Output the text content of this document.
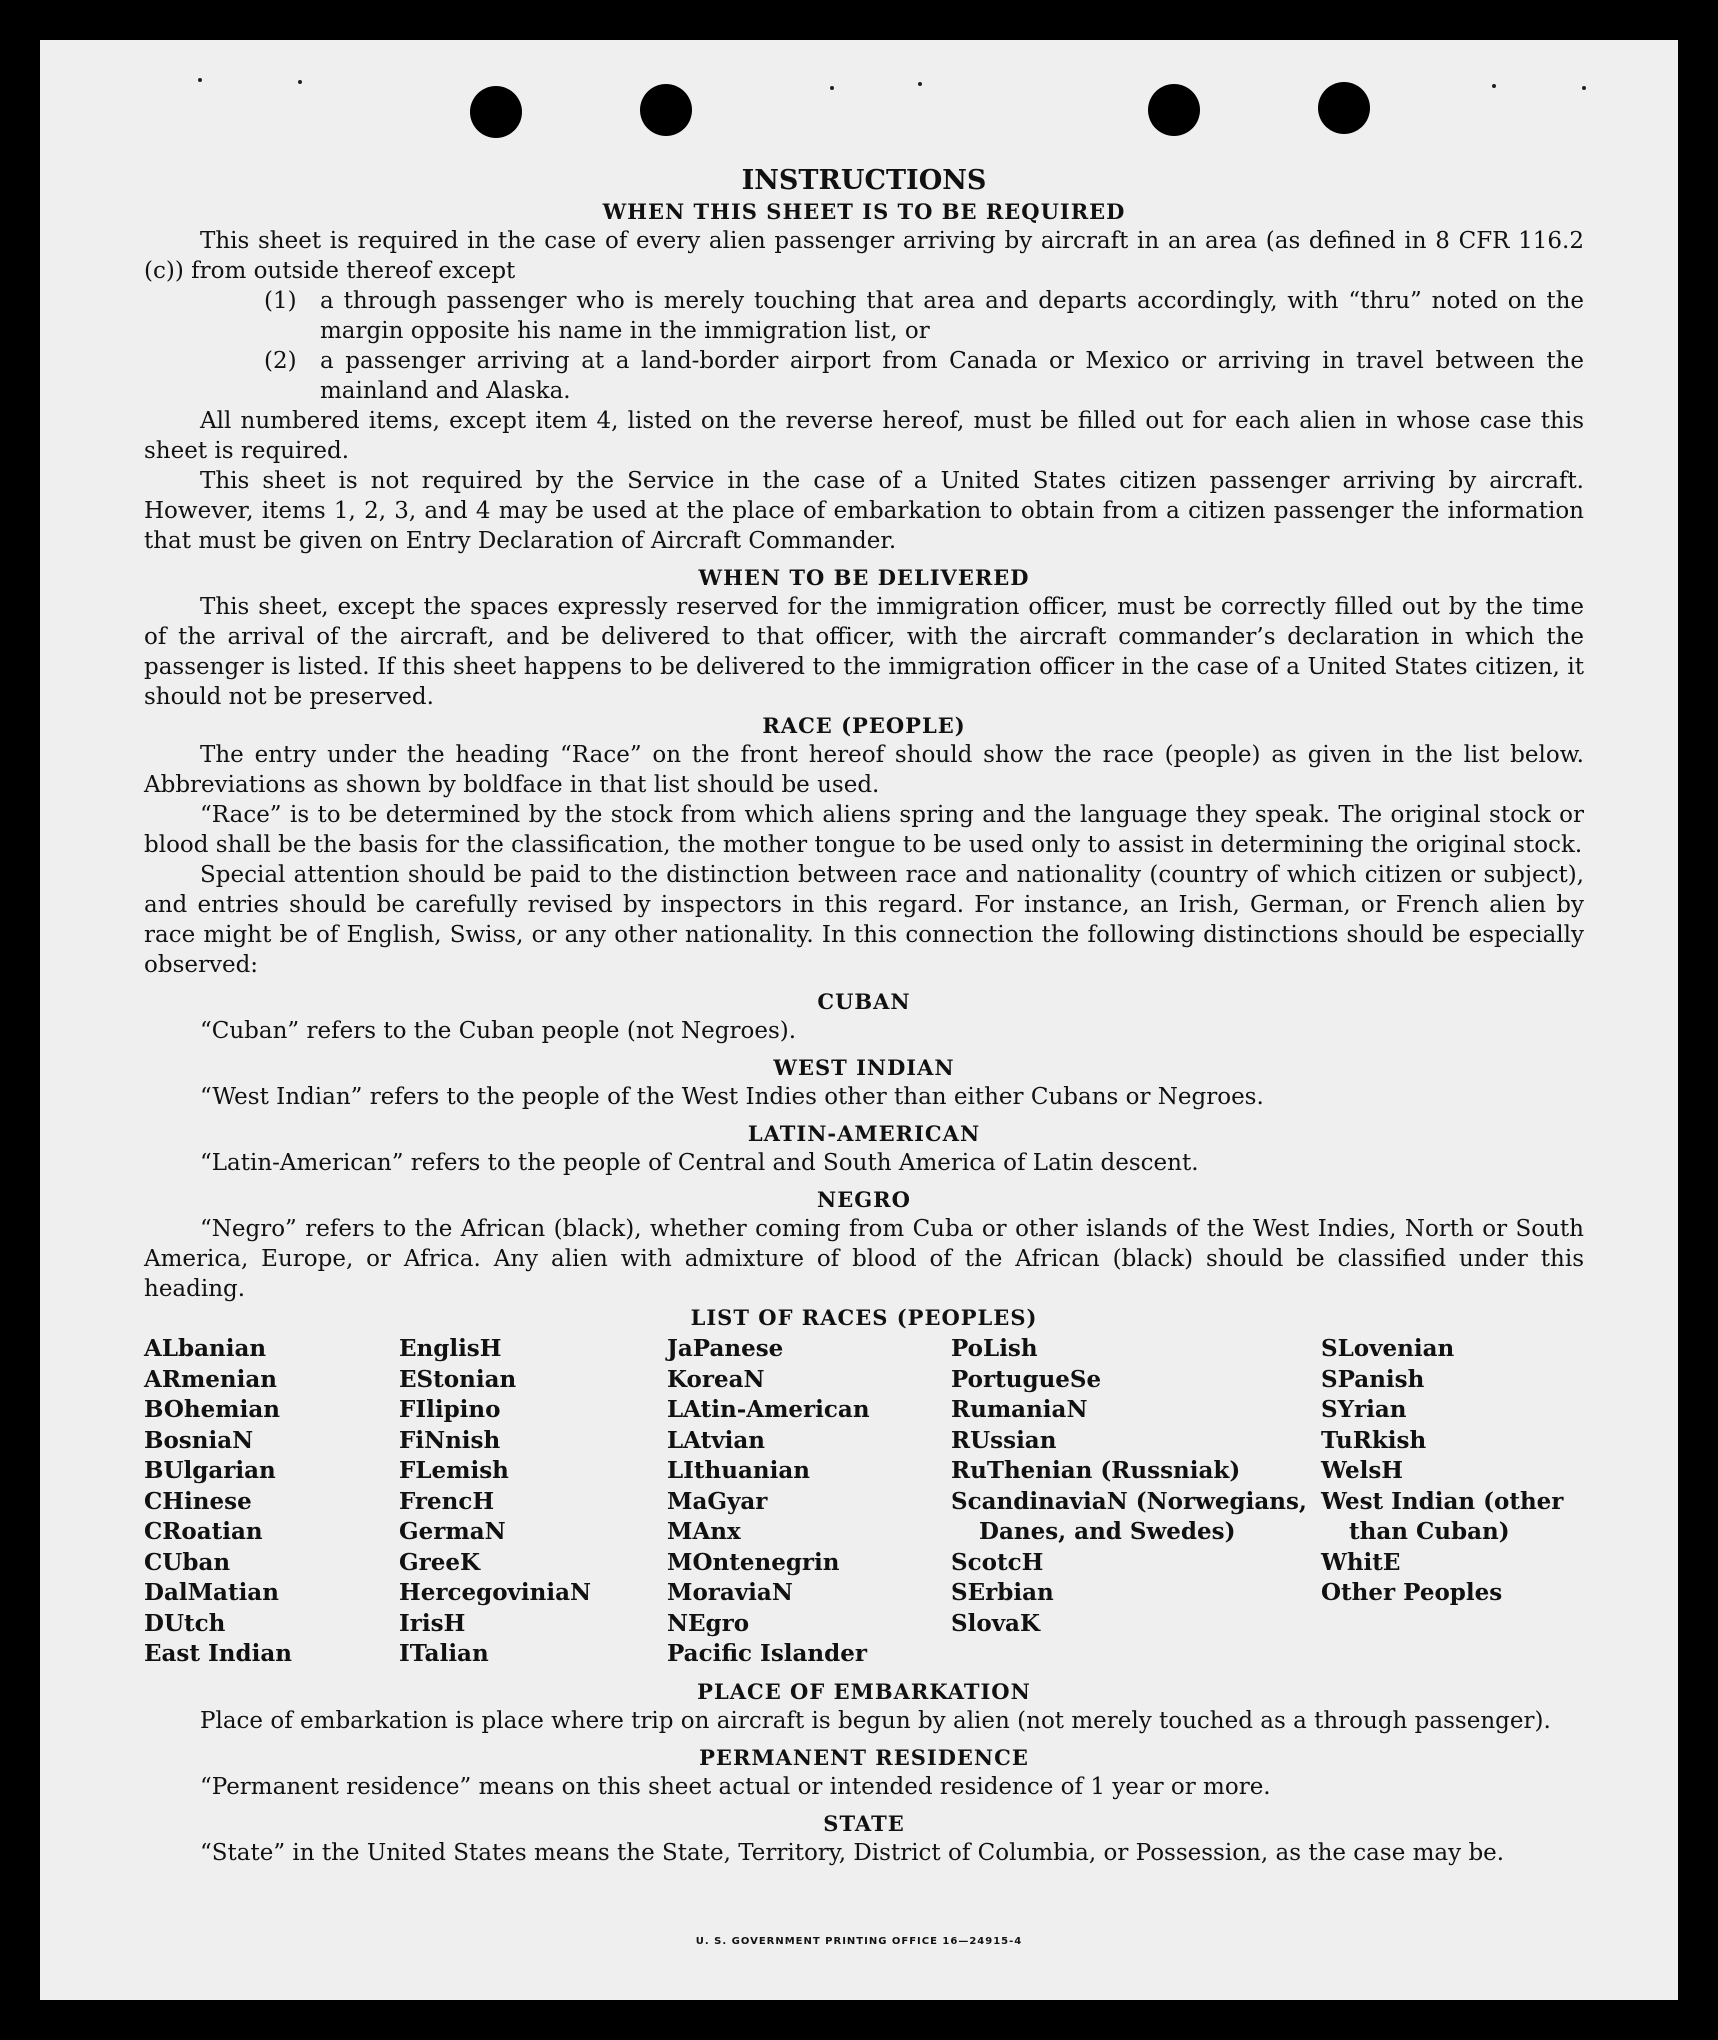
INSTRUCTIONS
WHEN THIS SHEET IS TO BE REQUIRED

This sheet is required in the case of every alien passenger arriving by aircraft in an area (as defined in 8 CFR 116.2 (c)) from outside thereof except

(1)	a through passenger who is merely touching that area and departs accordingly, with “thru” noted on the margin opposite his name in the immigration list, or
(2)	a passenger arriving at a land-border airport from Canada or Mexico or arriving in travel between the mainland and Alaska.

All numbered items, except item 4, listed on the reverse hereof, must be filled out for each alien in whose case this sheet is required.

This sheet is not required by the Service in the case of a United States citizen passenger arriving by aircraft. However, items 1, 2, 3, and 4 may be used at the place of embarkation to obtain from a citizen passenger the information that must be given on Entry Declaration of Aircraft Commander.

WHEN TO BE DELIVERED

This sheet, except the spaces expressly reserved for the immigration officer, must be correctly filled out by the time of the arrival of the aircraft, and be delivered to that officer, with the aircraft commander’s declaration in which the passenger is listed. If this sheet happens to be delivered to the immigration officer in the case of a United States citizen, it should not be preserved.

RACE (PEOPLE)

The entry under the heading “Race” on the front hereof should show the race (people) as given in the list below. Abbreviations as shown by boldface in that list should be used.

“Race” is to be determined by the stock from which aliens spring and the language they speak. The original stock or blood shall be the basis for the classification, the mother tongue to be used only to assist in determining the original stock.

Special attention should be paid to the distinction between race and nationality (country of which citizen or subject), and entries should be carefully revised by inspectors in this regard. For instance, an Irish, German, or French alien by race might be of English, Swiss, or any other nationality. In this connection the following distinctions should be especially observed:

CUBAN

“Cuban” refers to the Cuban people (not Negroes).

WEST INDIAN

“West Indian” refers to the people of the West Indies other than either Cubans or Negroes.

LATIN-AMERICAN

“Latin-American” refers to the people of Central and South America of Latin descent.

NEGRO

“Negro” refers to the African (black), whether coming from Cuba or other islands of the West Indies, North or South America, Europe, or Africa. Any alien with admixture of blood of the African (black) should be classified under this heading.

LIST OF RACES (PEOPLES)
ALbanian
ARmenian
BOhemian
BosniaN
BUlgarian
CHinese
CRoatian
CUban
DalMatian
DUtch
East Indian
EnglisH
EStonian
FIlipino
FiNnish
FLemish
FrencH
GermaN
GreeK
HercegoviniaN
IrisH
ITalian
JaPanese
KoreaN
LAtin-American
LAtvian
LIthuanian
MaGyar
MAnx
MOntenegrin
MoraviaN
NEgro
Pacific Islander
PoLish
PortugueSe
RumaniaN
RUssian
RuThenian (Russniak)
ScandinaviaN (Norwegians, Danes, and Swedes)
ScotcH
SErbian
SlovaK
SLovenian
SPanish
SYrian
TuRkish
WelsH
West Indian (other than Cuban)
WhitE
Other Peoples
PLACE OF EMBARKATION

Place of embarkation is place where trip on aircraft is begun by alien (not merely touched as a through passenger).

PERMANENT RESIDENCE

“Permanent residence” means on this sheet actual or intended residence of 1 year or more.

STATE

“State” in the United States means the State, Territory, District of Columbia, or Possession, as the case may be.

U. S. GOVERNMENT PRINTING OFFICE 16—24915-4
